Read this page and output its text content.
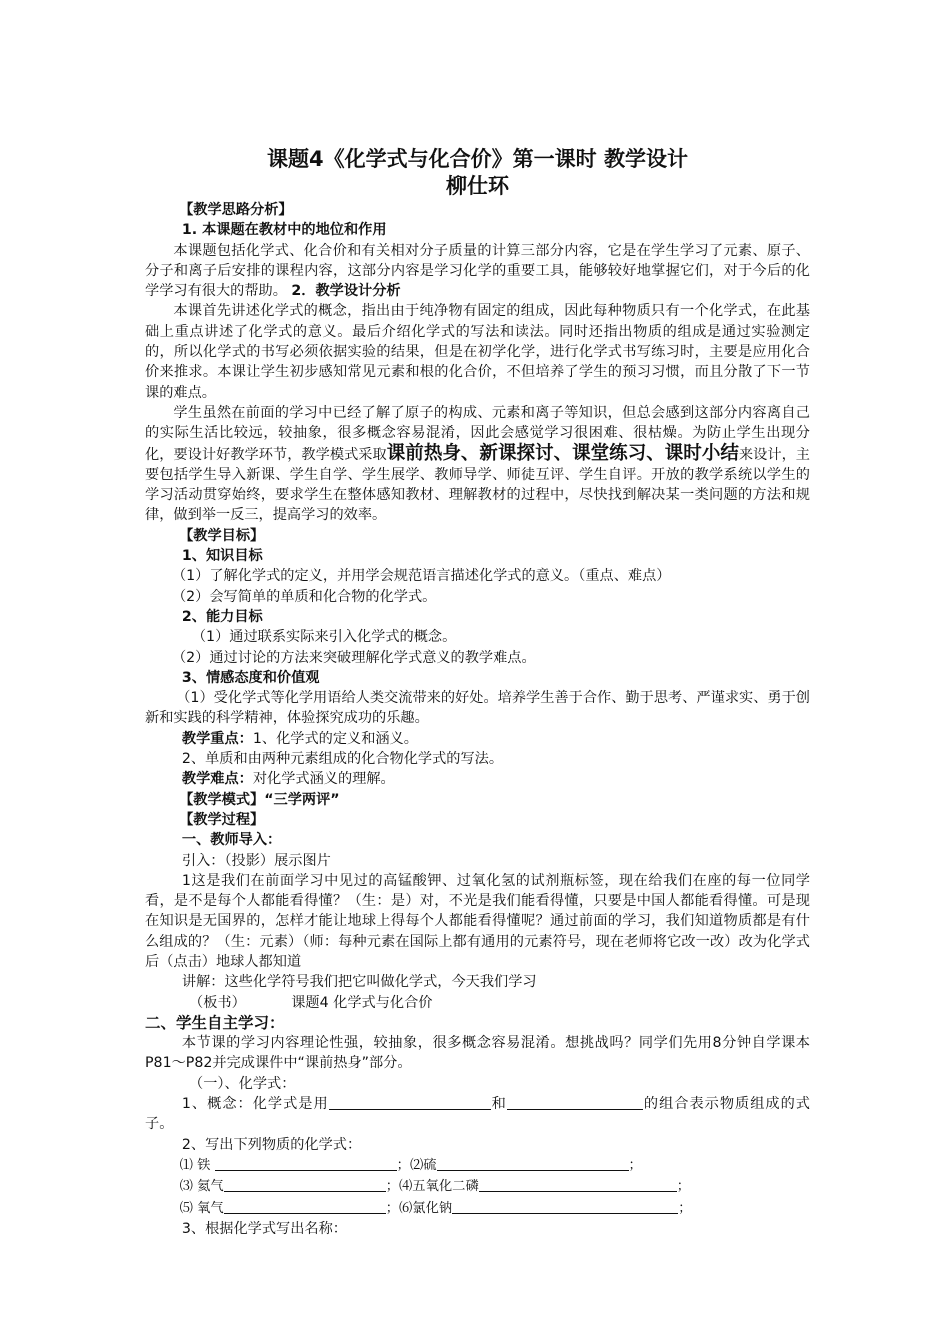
课题4《化学式与化合价》第一课时 教学设计

柳仕环

【教学思路分析】

1. 本课题在教材中的地位和作用

本课题包括化学式、化合价和有关相对分子质量的计算三部分内容，它是在学生学习了元素、原子、分子和离子后安排的课程内容，这部分内容是学习化学的重要工具，能够较好地掌握它们，对于今后的化学学习有很大的帮助。 2．教学设计分析

本课首先讲述化学式的概念，指出由于纯净物有固定的组成，因此每种物质只有一个化学式，在此基础上重点讲述了化学式的意义。最后介绍化学式的写法和读法。同时还指出物质的组成是通过实验测定的，所以化学式的书写必须依据实验的结果，但是在初学化学，进行化学式书写练习时，主要是应用化合价来推求。本课让学生初步感知常见元素和根的化合价，不但培养了学生的预习习惯，而且分散了下一节课的难点。

学生虽然在前面的学习中已经了解了原子的构成、元素和离子等知识，但总会感到这部分内容离自己的实际生活比较远，较抽象，很多概念容易混淆，因此会感觉学习很困难、很枯燥。为防止学生出现分化，要设计好教学环节，教学模式采取课前热身、新课探讨、课堂练习、课时小结来设计，主要包括学生导入新课、学生自学、学生展学、教师导学、师徒互评、学生自评。开放的教学系统以学生的学习活动贯穿始终，要求学生在整体感知教材、理解教材的过程中，尽快找到解决某一类问题的方法和规律，做到举一反三，提高学习的效率。

【教学目标】

1、知识目标

（1）了解化学式的定义，并用学会规范语言描述化学式的意义。（重点、难点）

（2）会写简单的单质和化合物的化学式。

2、能力目标

（1）通过联系实际来引入化学式的概念。

（2）通过讨论的方法来突破理解化学式意义的教学难点。

3、情感态度和价值观

（1）受化学式等化学用语给人类交流带来的好处。培养学生善于合作、勤于思考、严谨求实、勇于创新和实践的科学精神，体验探究成功的乐趣。

教学重点：1、化学式的定义和涵义。

2、单质和由两种元素组成的化合物化学式的写法。

教学难点：对化学式涵义的理解。

【教学模式】“三学两评”

【教学过程】

一、教师导入：

引入：（投影）展示图片

1这是我们在前面学习中见过的高锰酸钾、过氧化氢的试剂瓶标签，现在给我们在座的每一位同学看，是不是每个人都能看得懂？（生：是）对，不光是我们能看得懂，只要是中国人都能看得懂。可是现在知识是无国界的，怎样才能让地球上得每个人都能看得懂呢？通过前面的学习，我们知道物质都是有什么组成的？（生：元素）（师：每种元素在国际上都有通用的元素符号，现在老师将它改一改）改为化学式后（点击）地球人都知道

讲解：这些化学符号我们把它叫做化学式，今天我们学习

（板书）	课题4 化学式与化合价

二、学生自主学习：

本节课的学习内容理论性强，较抽象，很多概念容易混淆。想挑战吗？同学们先用8分钟自学课本P81～P82并完成课件中“课前热身”部分。

（一）、化学式：

1、概念：化学式是用	和	的组合表示物质组成的式子。

2、写出下列物质的化学式：

⑴ 铁	；⑵硫	；

⑶ 氦气	；⑷五氧化二磷	；

⑸ 氧气	；⑹氯化钠	；

3、根据化学式写出名称：
